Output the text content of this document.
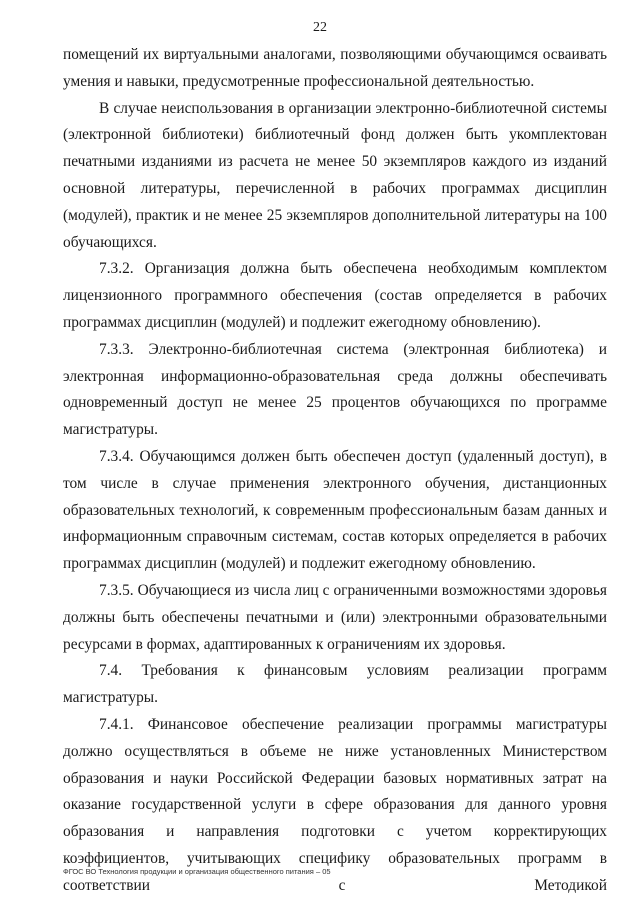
22

помещений их виртуальными аналогами, позволяющими обучающимся осваивать умения и навыки, предусмотренные профессиональной деятельностью.

В случае неиспользования в организации электронно-библиотечной системы (электронной библиотеки) библиотечный фонд должен быть укомплектован печатными изданиями из расчета не менее 50 экземпляров каждого из изданий основной литературы, перечисленной в рабочих программах дисциплин (модулей), практик и не менее 25 экземпляров дополнительной литературы на 100 обучающихся.

7.3.2. Организация должна быть обеспечена необходимым комплектом лицензионного программного обеспечения (состав определяется в рабочих программах дисциплин (модулей) и подлежит ежегодному обновлению).

7.3.3. Электронно-библиотечная система (электронная библиотека) и электронная информационно-образовательная среда должны обеспечивать одновременный доступ не менее 25 процентов обучающихся по программе магистратуры.

7.3.4. Обучающимся должен быть обеспечен доступ (удаленный доступ), в том числе в случае применения электронного обучения, дистанционных образовательных технологий, к современным профессиональным базам данных и информационным справочным системам, состав которых определяется в рабочих программах дисциплин (модулей) и подлежит ежегодному обновлению.

7.3.5. Обучающиеся из числа лиц с ограниченными возможностями здоровья должны быть обеспечены печатными и (или) электронными образовательными ресурсами в формах, адаптированных к ограничениям их здоровья.

7.4. Требования к финансовым условиям реализации программ магистратуры.

7.4.1. Финансовое обеспечение реализации программы магистратуры должно осуществляться в объеме не ниже установленных Министерством образования и науки Российской Федерации базовых нормативных затрат на оказание государственной услуги в сфере образования для данного уровня образования и направления подготовки с учетом корректирующих коэффициентов, учитывающих специфику образовательных программ в соответствии с Методикой

ФГОС ВО Технология продукции и организация общественного питания – 05
